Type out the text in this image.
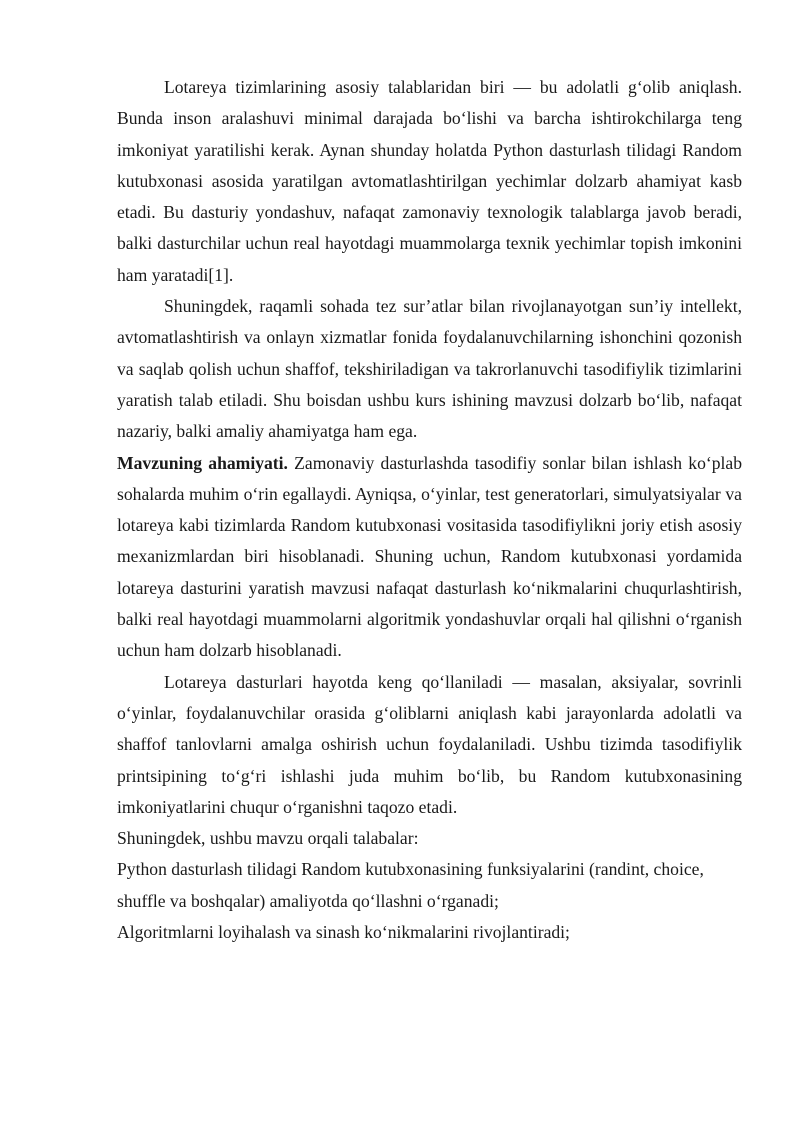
Lotareya tizimlarining asosiy talablaridan biri — bu adolatli g‘olib aniqlash. Bunda inson aralashuvi minimal darajada bo‘lishi va barcha ishtirokchilarga teng imkoniyat yaratilishi kerak. Aynan shunday holatda Python dasturlash tilidagi Random kutubxonasi asosida yaratilgan avtomatlashtirilgan yechimlar dolzarb ahamiyat kasb etadi. Bu dasturiy yondashuv, nafaqat zamonaviy texnologik talablarga javob beradi, balki dasturchilar uchun real hayotdagi muammolarga texnik yechimlar topish imkonini ham yaratadi[1].

Shuningdek, raqamli sohada tez sur’atlar bilan rivojlanayotgan sun’iy intellekt, avtomatlashtirish va onlayn xizmatlar fonida foydalanuvchilarning ishonchini qozonish va saqlab qolish uchun shaffof, tekshiriladigan va takrorlanuvchi tasodifiylik tizimlarini yaratish talab etiladi. Shu boisdan ushbu kurs ishining mavzusi dolzarb bo‘lib, nafaqat nazariy, balki amaliy ahamiyatga ham ega.

Mavzuning ahamiyati. Zamonaviy dasturlashda tasodifiy sonlar bilan ishlash ko‘plab sohalarda muhim o‘rin egallaydi. Ayniqsa, o‘yinlar, test generatorlari, simulyatsiyalar va lotareya kabi tizimlarda Random kutubxonasi vositasida tasodifiylikni joriy etish asosiy mexanizmlardan biri hisoblanadi. Shuning uchun, Random kutubxonasi yordamida lotareya dasturini yaratish mavzusi nafaqat dasturlash ko‘nikmalarini chuqurlashtirish, balki real hayotdagi muammolarni algoritmik yondashuvlar orqali hal qilishni o‘rganish uchun ham dolzarb hisoblanadi.

Lotareya dasturlari hayotda keng qo‘llaniladi — masalan, aksiyalar, sovrinli o‘yinlar, foydalanuvchilar orasida g‘oliblarni aniqlash kabi jarayonlarda adolatli va shaffof tanlovlarni amalga oshirish uchun foydalaniladi. Ushbu tizimda tasodifiylik printsipining to‘g‘ri ishlashi juda muhim bo‘lib, bu Random kutubxonasining imkoniyatlarini chuqur o‘rganishni taqozo etadi.

Shuningdek, ushbu mavzu orqali talabalar:

Python dasturlash tilidagi Random kutubxonasining funksiyalarini (randint, choice, shuffle va boshqalar) amaliyotda qo‘llashni o‘rganadi;

Algoritmlarni loyihalash va sinash ko‘nikmalarini rivojlantiradi;
